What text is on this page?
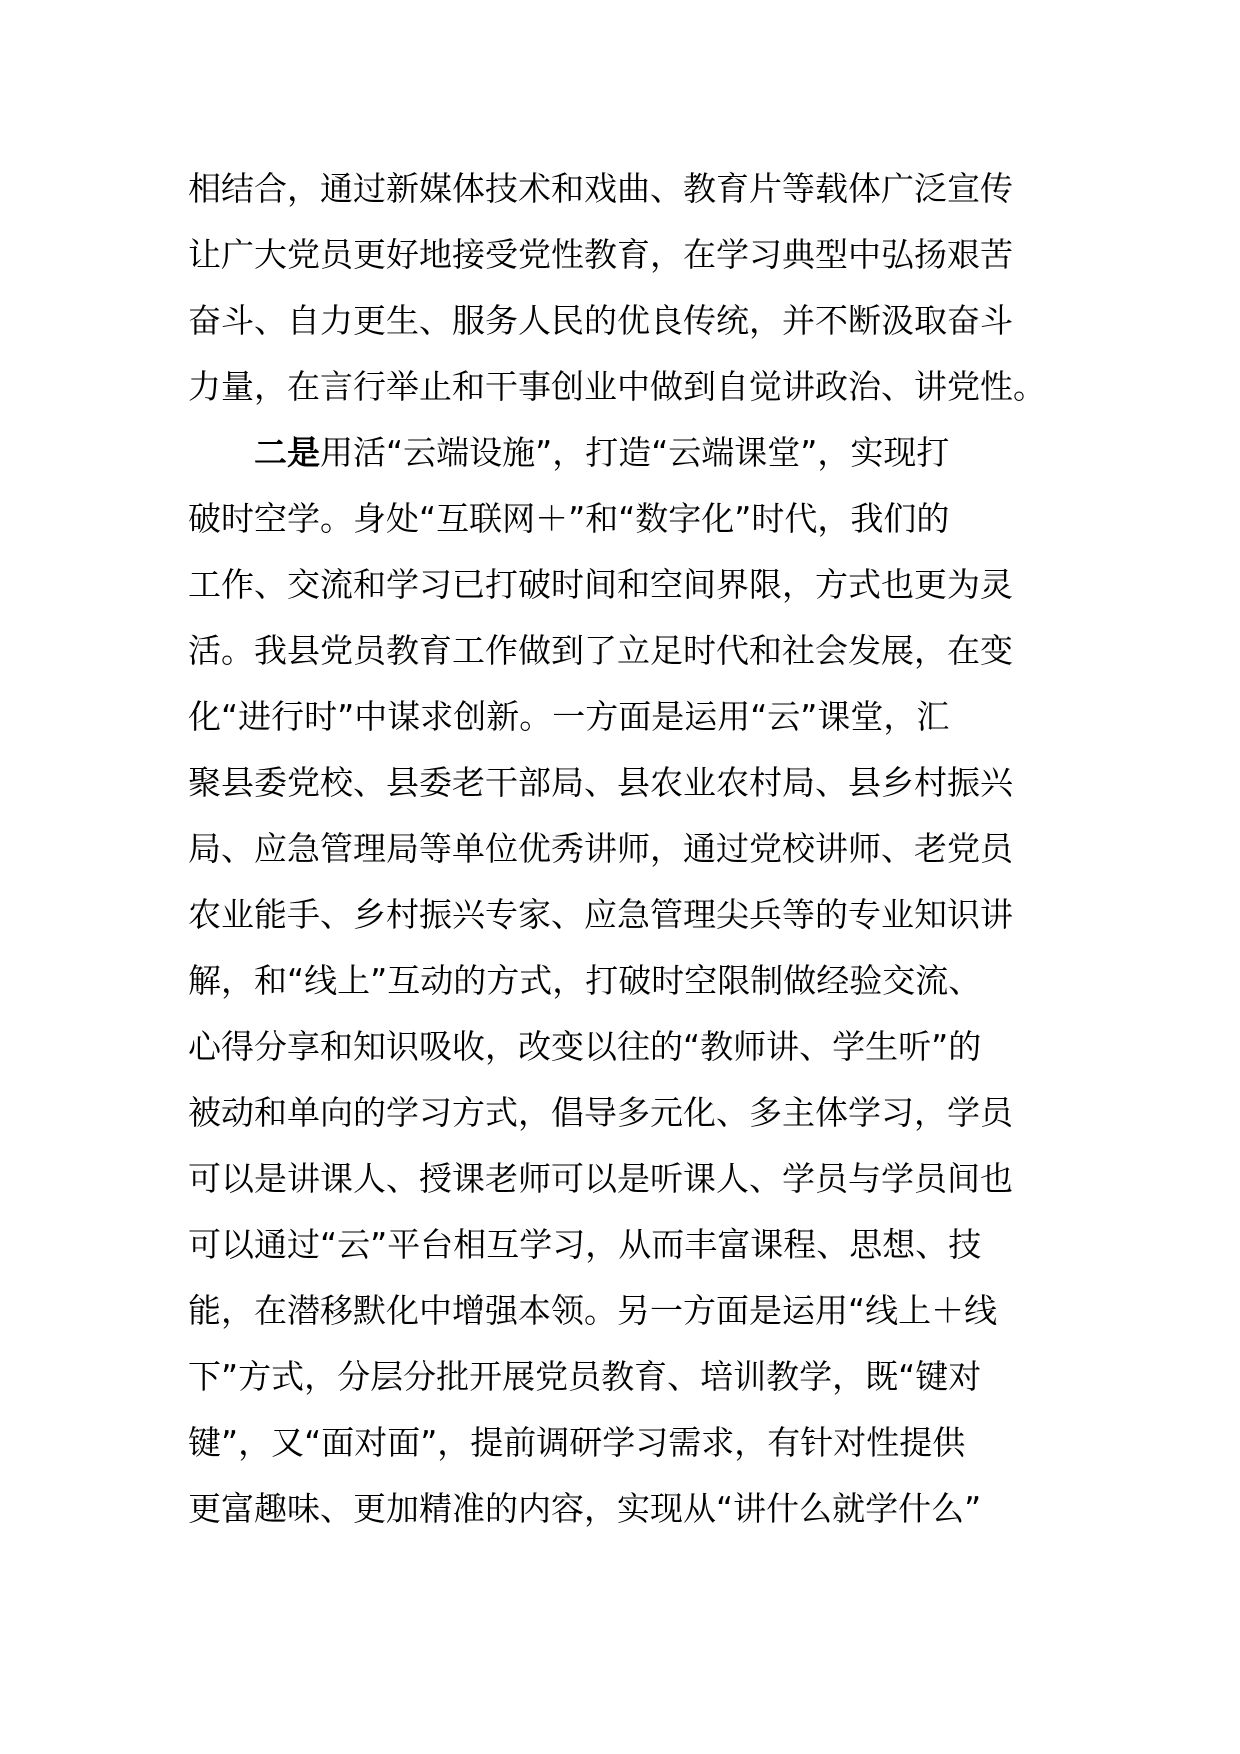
相结合，通过新媒体技术和戏曲、教育片等载体广泛宣传
让广大党员更好地接受党性教育，在学习典型中弘扬艰苦
奋斗、自力更生、服务人民的优良传统，并不断汲取奋斗
力量，在言行举止和干事创业中做到自觉讲政治、讲党性。
二是用活“云端设施”，打造“云端课堂”，实现打
破时空学。身处“互联网＋”和“数字化”时代，我们的
工作、交流和学习已打破时间和空间界限，方式也更为灵
活。我县党员教育工作做到了立足时代和社会发展，在变
化“进行时”中谋求创新。一方面是运用“云”课堂，汇
聚县委党校、县委老干部局、县农业农村局、县乡村振兴
局、应急管理局等单位优秀讲师，通过党校讲师、老党员
农业能手、乡村振兴专家、应急管理尖兵等的专业知识讲
解，和“线上”互动的方式，打破时空限制做经验交流、
心得分享和知识吸收，改变以往的“教师讲、学生听”的
被动和单向的学习方式，倡导多元化、多主体学习，学员
可以是讲课人、授课老师可以是听课人、学员与学员间也
可以通过“云”平台相互学习，从而丰富课程、思想、技
能，在潜移默化中增强本领。另一方面是运用“线上＋线
下”方式，分层分批开展党员教育、培训教学，既“键对
键”，又“面对面”，提前调研学习需求，有针对性提供
更富趣味、更加精准的内容，实现从“讲什么就学什么”
